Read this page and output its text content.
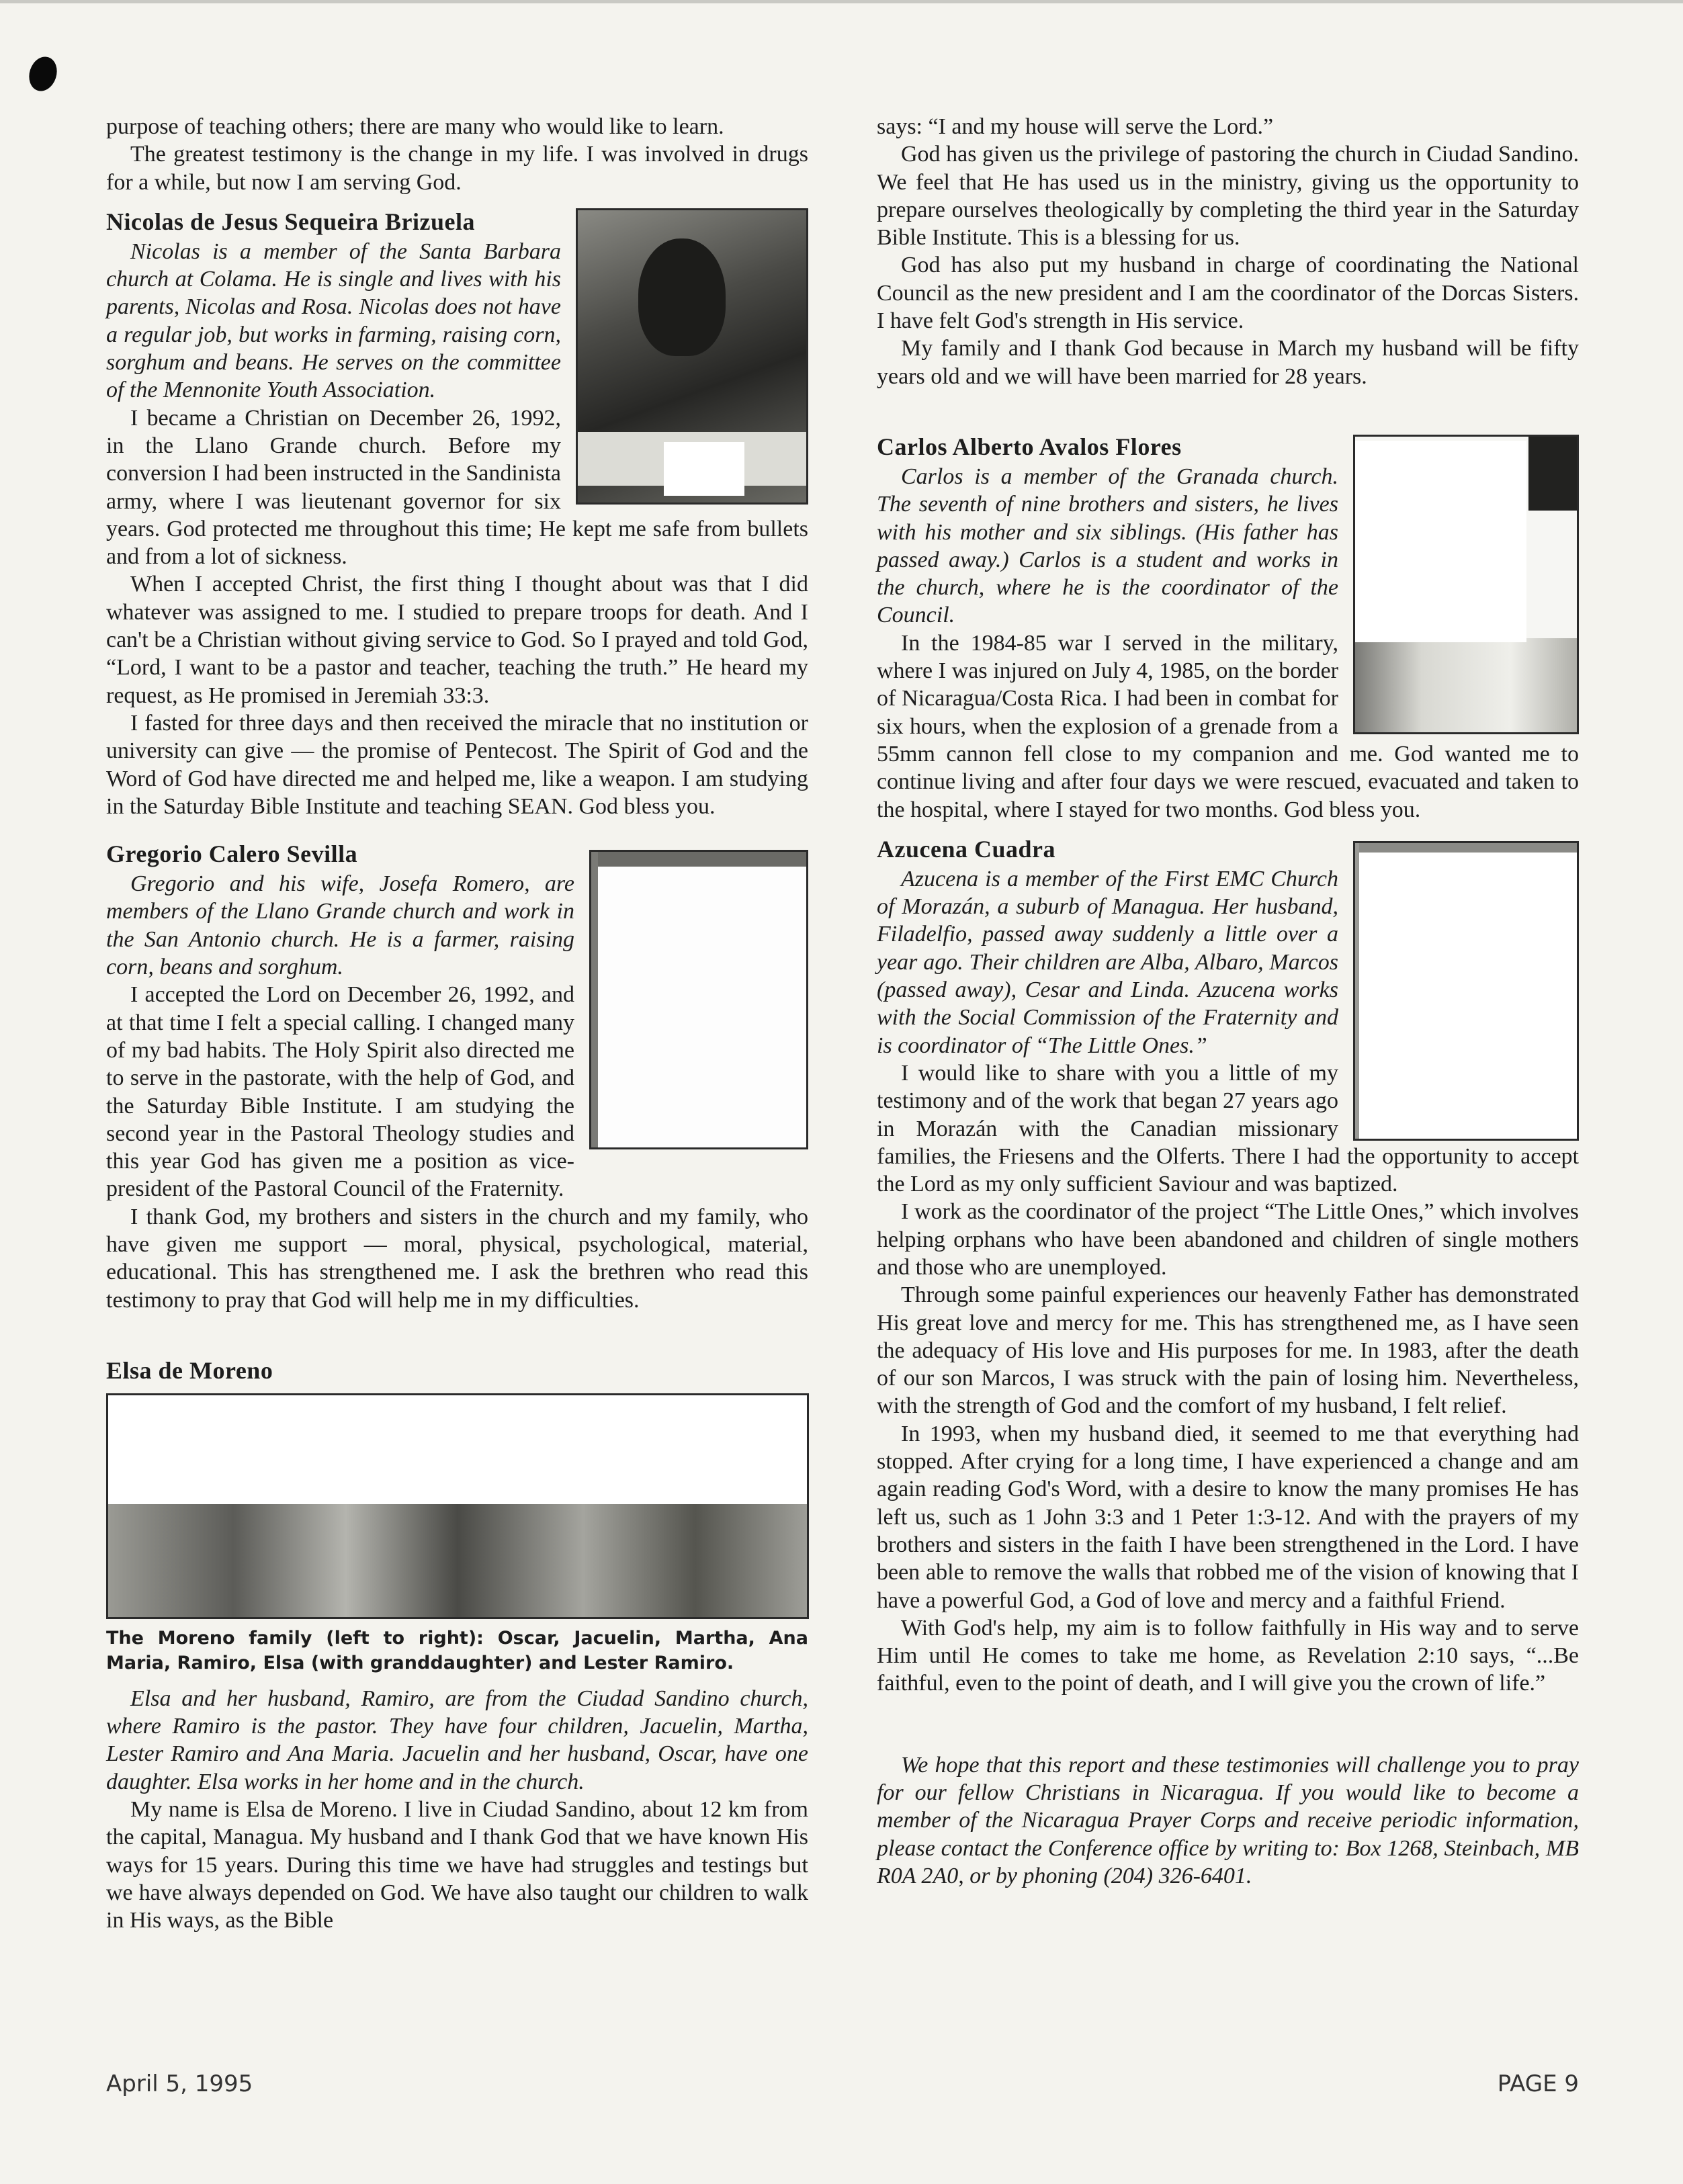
purpose of teaching others; there are many who would like to learn.

The greatest testimony is the change in my life. I was involved in drugs for a while, but now I am serving God.

Nicolas de Jesus Sequeira Brizuela

Nicolas is a member of the Santa Barbara church at Colama. He is single and lives with his parents, Nicolas and Rosa. Nicolas does not have a regular job, but works in farming, raising corn, sorghum and beans. He serves on the committee of the Mennonite Youth Association.

I became a Christian on December 26, 1992, in the Llano Grande church. Before my conversion I had been instructed in the Sandinista army, where I was lieutenant governor for six years. God protected me throughout this time; He kept me safe from bullets and from a lot of sickness.

When I accepted Christ, the first thing I thought about was that I did whatever was assigned to me. I studied to prepare troops for death. And I can't be a Christian without giving service to God. So I prayed and told God, “Lord, I want to be a pastor and teacher, teaching the truth.” He heard my request, as He promised in Jeremiah 33:3.

I fasted for three days and then received the miracle that no institution or university can give — the promise of Pentecost. The Spirit of God and the Word of God have directed me and helped me, like a weapon. I am studying in the Saturday Bible Institute and teaching SEAN. God bless you.

Gregorio Calero Sevilla

Gregorio and his wife, Josefa Romero, are members of the Llano Grande church and work in the San Antonio church. He is a farmer, raising corn, beans and sorghum.

I accepted the Lord on December 26, 1992, and at that time I felt a special calling. I changed many of my bad habits. The Holy Spirit also directed me to serve in the pastorate, with the help of God, and the Saturday Bible Institute. I am studying the second year in the Pastoral Theology studies and this year God has given me a position as vice-president of the Pastoral Council of the Fraternity.

I thank God, my brothers and sisters in the church and my family, who have given me support — moral, physical, psychological, material, educational. This has strengthened me. I ask the brethren who read this testimony to pray that God will help me in my difficulties.

Elsa de Moreno

The Moreno family (left to right): Oscar, Jacuelin, Martha, Ana Maria, Ramiro, Elsa (with granddaughter) and Lester Ramiro.

Elsa and her husband, Ramiro, are from the Ciudad Sandino church, where Ramiro is the pastor. They have four children, Jacuelin, Martha, Lester Ramiro and Ana Maria. Jacuelin and her husband, Oscar, have one daughter. Elsa works in her home and in the church.

My name is Elsa de Moreno. I live in Ciudad Sandino, about 12 km from the capital, Managua. My husband and I thank God that we have known His ways for 15 years. During this time we have had struggles and testings but we have always depended on God. We have also taught our children to walk in His ways, as the Bible

says: “I and my house will serve the Lord.”

God has given us the privilege of pastoring the church in Ciudad Sandino. We feel that He has used us in the ministry, giving us the opportunity to prepare ourselves theologically by completing the third year in the Saturday Bible Institute. This is a blessing for us.

God has also put my husband in charge of coordinating the National Council as the new president and I am the coordinator of the Dorcas Sisters. I have felt God's strength in His service.

My family and I thank God because in March my husband will be fifty years old and we will have been married for 28 years.

Carlos Alberto Avalos Flores

Carlos is a member of the Granada church. The seventh of nine brothers and sisters, he lives with his mother and six siblings. (His father has passed away.) Carlos is a student and works in the church, where he is the coordinator of the Council.

In the 1984-85 war I served in the military, where I was injured on July 4, 1985, on the border of Nicaragua/Costa Rica. I had been in combat for six hours, when the explosion of a grenade from a 55mm cannon fell close to my companion and me. God wanted me to continue living and after four days we were rescued, evacuated and taken to the hospital, where I stayed for two months. God bless you.

Azucena Cuadra

Azucena is a member of the First EMC Church of Morazán, a suburb of Managua. Her husband, Filadelfio, passed away suddenly a little over a year ago. Their children are Alba, Albaro, Marcos (passed away), Cesar and Linda. Azucena works with the Social Commission of the Fraternity and is coordinator of “The Little Ones.”

I would like to share with you a little of my testimony and of the work that began 27 years ago in Morazán with the Canadian missionary families, the Friesens and the Olferts. There I had the opportunity to accept the Lord as my only sufficient Saviour and was baptized.

I work as the coordinator of the project “The Little Ones,” which involves helping orphans who have been abandoned and children of single mothers and those who are unemployed.

Through some painful experiences our heavenly Father has demonstrated His great love and mercy for me. This has strengthened me, as I have seen the adequacy of His love and His purposes for me. In 1983, after the death of our son Marcos, I was struck with the pain of losing him. Nevertheless, with the strength of God and the comfort of my husband, I felt relief.

In 1993, when my husband died, it seemed to me that everything had stopped. After crying for a long time, I have experienced a change and am again reading God's Word, with a desire to know the many promises He has left us, such as 1 John 3:3 and 1 Peter 1:3-12. And with the prayers of my brothers and sisters in the faith I have been strengthened in the Lord. I have been able to remove the walls that robbed me of the vision of knowing that I have a powerful God, a God of love and mercy and a faithful Friend.

With God's help, my aim is to follow faithfully in His way and to serve Him until He comes to take me home, as Revelation 2:10 says, “...Be faithful, even to the point of death, and I will give you the crown of life.”

We hope that this report and these testimonies will challenge you to pray for our fellow Christians in Nicaragua. If you would like to become a member of the Nicaragua Prayer Corps and receive periodic information, please contact the Conference office by writing to: Box 1268, Steinbach, MB R0A 2A0, or by phoning (204) 326-6401.

April 5, 1995	PAGE 9
